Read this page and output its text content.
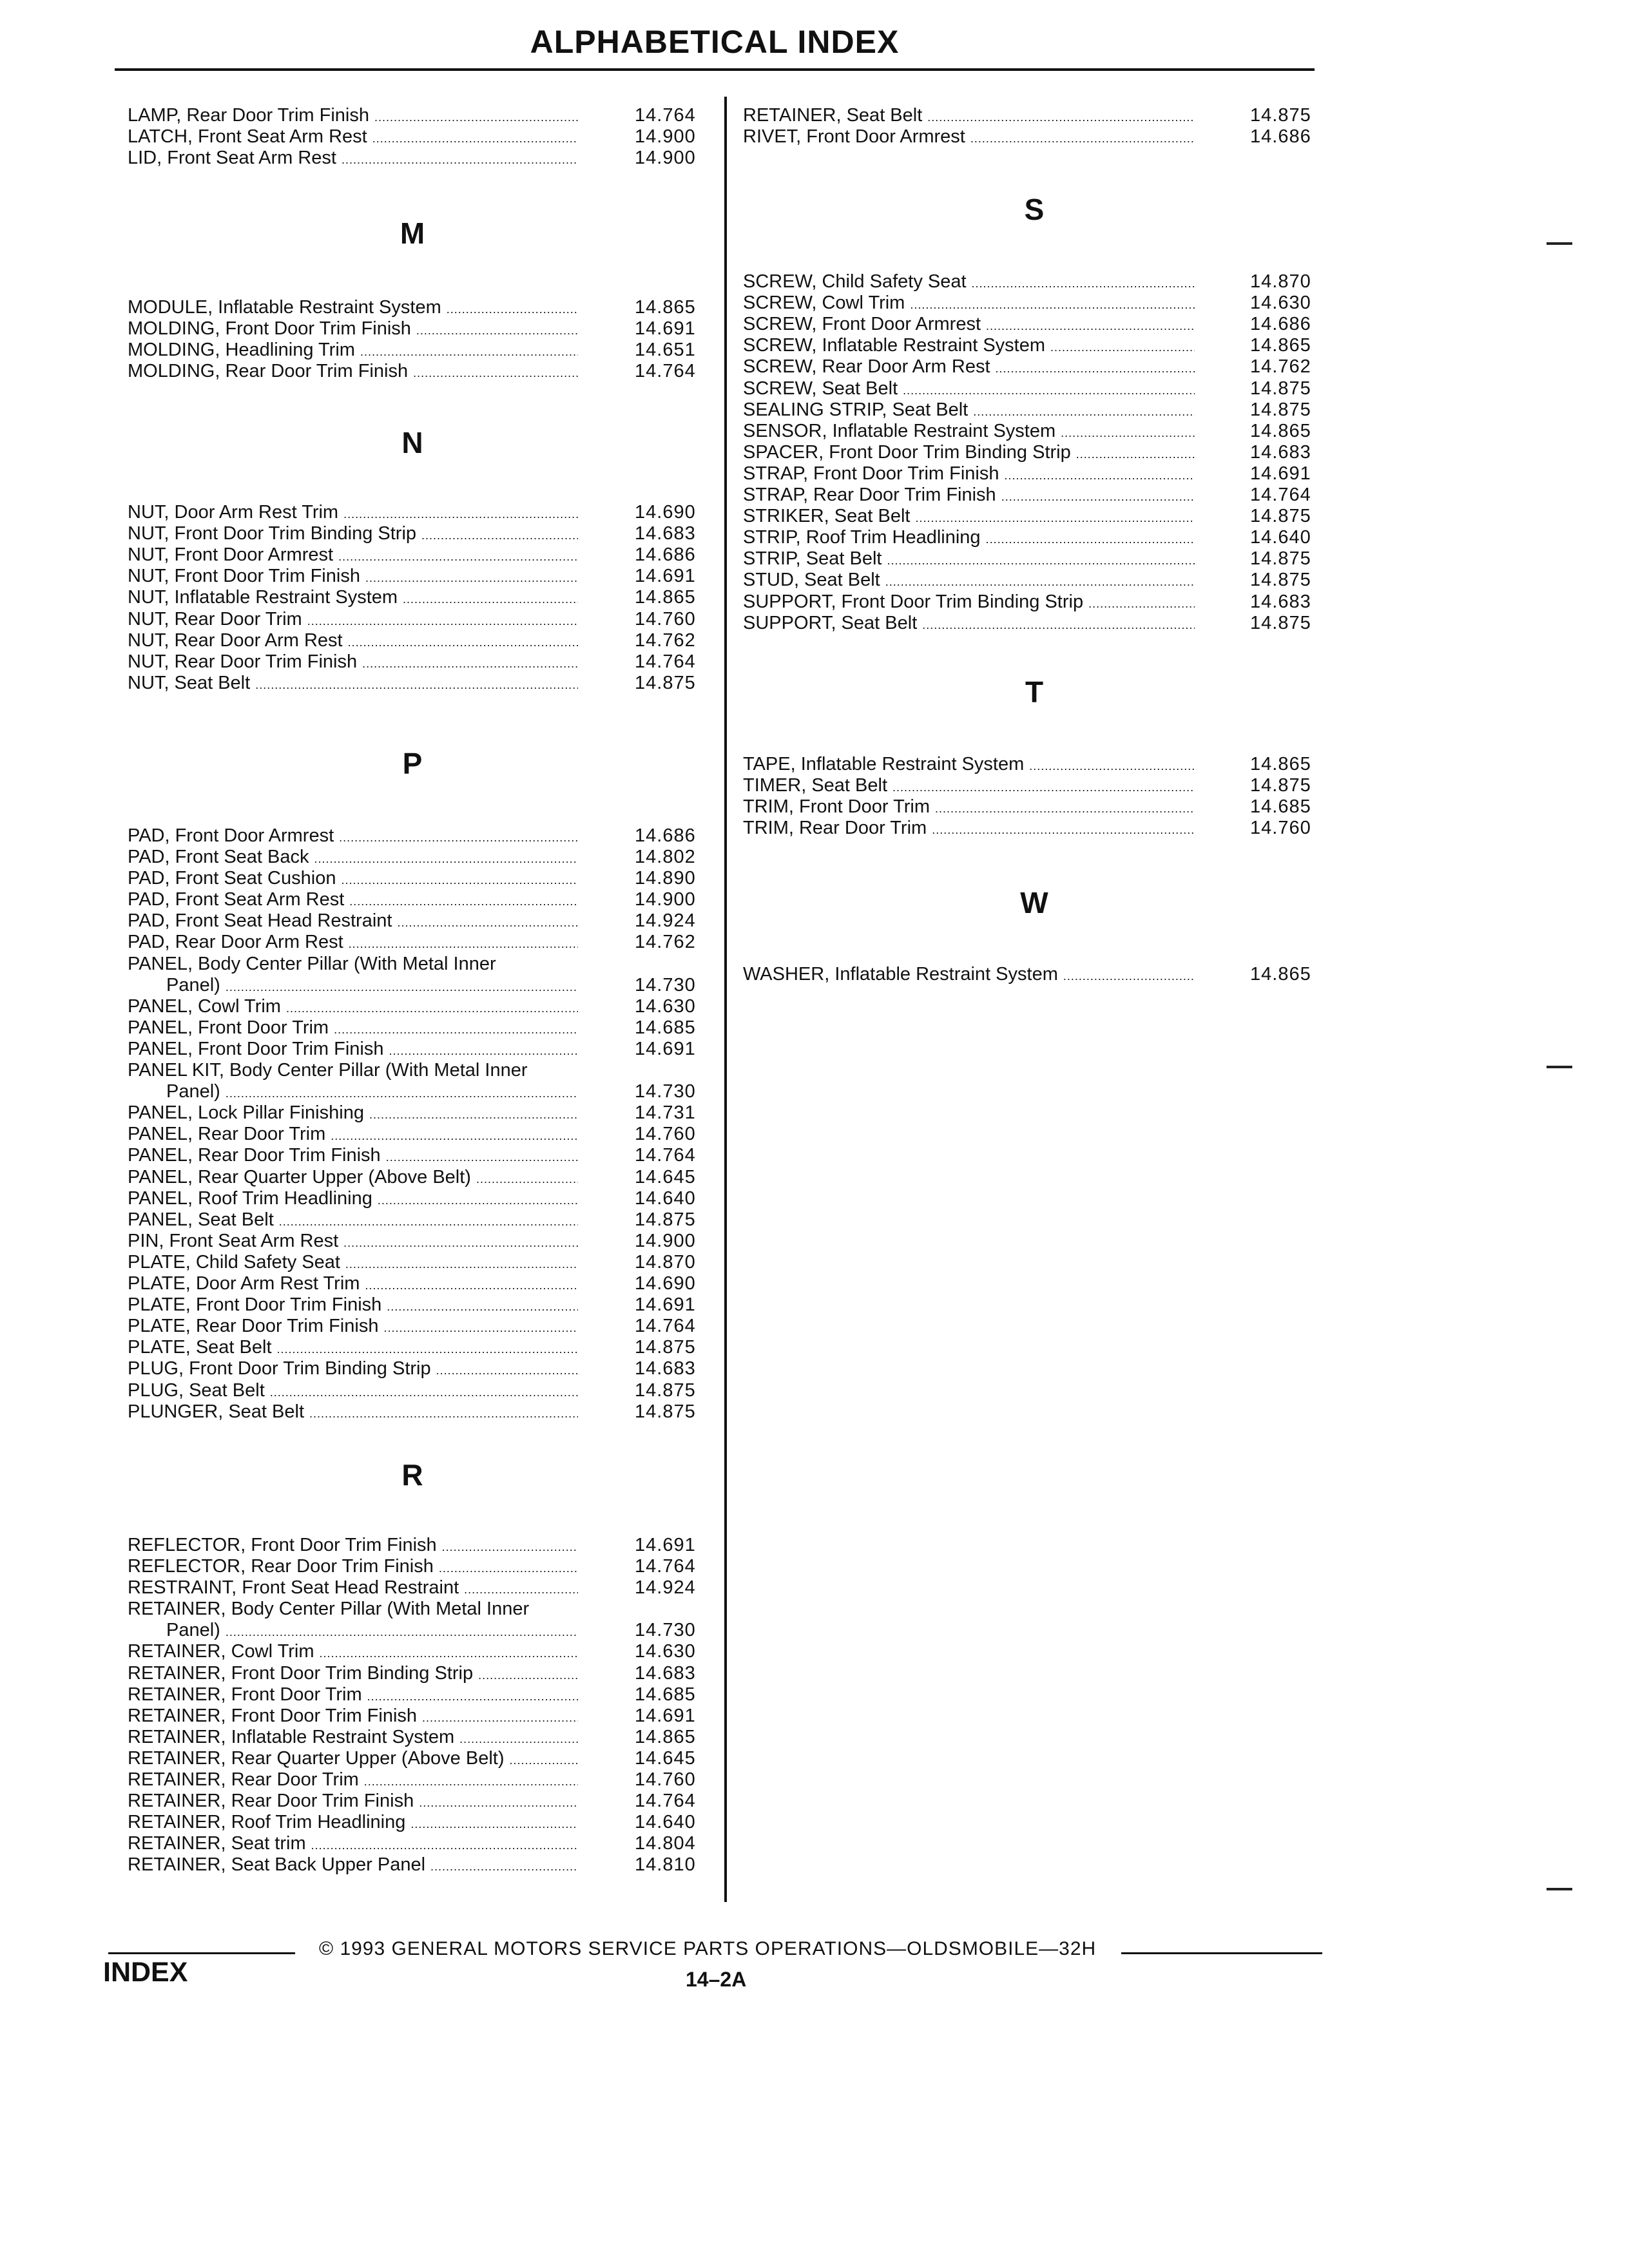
ALPHABETICAL INDEX
LAMP, Rear Door Trim Finish .....	14.764
LATCH, Front Seat Arm Rest .....	14.900
LID, Front Seat Arm Rest .....	14.900
M
MODULE, Inflatable Restraint System .....	14.865
MOLDING, Front Door Trim Finish .....	14.691
MOLDING, Headlining Trim .....	14.651
MOLDING, Rear Door Trim Finish .....	14.764
N
NUT, Door Arm Rest Trim .....	14.690
NUT, Front Door Trim Binding Strip .....	14.683
NUT, Front Door Armrest .....	14.686
NUT, Front Door Trim Finish .....	14.691
NUT, Inflatable Restraint System .....	14.865
NUT, Rear Door Trim .....	14.760
NUT, Rear Door Arm Rest .....	14.762
NUT, Rear Door Trim Finish .....	14.764
NUT, Seat Belt .....	14.875
P
PAD, Front Door Armrest .....	14.686
PAD, Front Seat Back .....	14.802
PAD, Front Seat Cushion .....	14.890
PAD, Front Seat Arm Rest .....	14.900
PAD, Front Seat Head Restraint .....	14.924
PAD, Rear Door Arm Rest .....	14.762
PANEL, Body Center Pillar (With Metal Inner
Panel) .....	14.730
PANEL, Cowl Trim .....	14.630
PANEL, Front Door Trim .....	14.685
PANEL, Front Door Trim Finish .....	14.691
PANEL KIT, Body Center Pillar (With Metal Inner
Panel) .....	14.730
PANEL, Lock Pillar Finishing .....	14.731
PANEL, Rear Door Trim .....	14.760
PANEL, Rear Door Trim Finish .....	14.764
PANEL, Rear Quarter Upper (Above Belt) .....	14.645
PANEL, Roof Trim Headlining .....	14.640
PANEL, Seat Belt .....	14.875
PIN, Front Seat Arm Rest .....	14.900
PLATE, Child Safety Seat .....	14.870
PLATE, Door Arm Rest Trim .....	14.690
PLATE, Front Door Trim Finish .....	14.691
PLATE, Rear Door Trim Finish .....	14.764
PLATE, Seat Belt .....	14.875
PLUG, Front Door Trim Binding Strip .....	14.683
PLUG, Seat Belt .....	14.875
PLUNGER, Seat Belt .....	14.875
R
REFLECTOR, Front Door Trim Finish .....	14.691
REFLECTOR, Rear Door Trim Finish .....	14.764
RESTRAINT, Front Seat Head Restraint .....	14.924
RETAINER, Body Center Pillar (With Metal Inner
Panel) .....	14.730
RETAINER, Cowl Trim .....	14.630
RETAINER, Front Door Trim Binding Strip .....	14.683
RETAINER, Front Door Trim .....	14.685
RETAINER, Front Door Trim Finish .....	14.691
RETAINER, Inflatable Restraint System .....	14.865
RETAINER, Rear Quarter Upper (Above Belt) .....	14.645
RETAINER, Rear Door Trim .....	14.760
RETAINER, Rear Door Trim Finish .....	14.764
RETAINER, Roof Trim Headlining .....	14.640
RETAINER, Seat trim .....	14.804
RETAINER, Seat Back Upper Panel .....	14.810
RETAINER, Seat Belt .....	14.875
RIVET, Front Door Armrest .....	14.686
S
SCREW, Child Safety Seat .....	14.870
SCREW, Cowl Trim .....	14.630
SCREW, Front Door Armrest .....	14.686
SCREW, Inflatable Restraint System .....	14.865
SCREW, Rear Door Arm Rest .....	14.762
SCREW, Seat Belt .....	14.875
SEALING STRIP, Seat Belt .....	14.875
SENSOR, Inflatable Restraint System .....	14.865
SPACER, Front Door Trim Binding Strip .....	14.683
STRAP, Front Door Trim Finish .....	14.691
STRAP, Rear Door Trim Finish .....	14.764
STRIKER, Seat Belt .....	14.875
STRIP, Roof Trim Headlining .....	14.640
STRIP, Seat Belt .....	14.875
STUD, Seat Belt .....	14.875
SUPPORT, Front Door Trim Binding Strip .....	14.683
SUPPORT, Seat Belt .....	14.875
T
TAPE, Inflatable Restraint System .....	14.865
TIMER, Seat Belt .....	14.875
TRIM, Front Door Trim .....	14.685
TRIM, Rear Door Trim .....	14.760
W
WASHER, Inflatable Restraint System .....	14.865
© 1993 GENERAL MOTORS SERVICE PARTS OPERATIONS—OLDSMOBILE—32H
INDEX	14–2A
